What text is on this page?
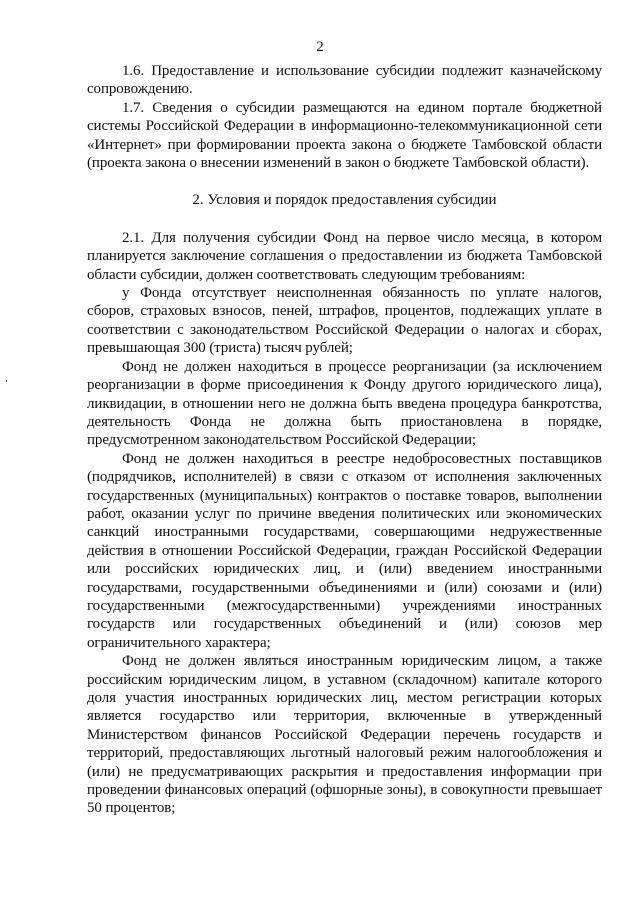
2

1.6. Предоставление и использование субсидии подлежит казначейскому сопровождению.

1.7. Сведения о субсидии размещаются на едином портале бюджетной системы Российской Федерации в информационно-телекоммуникационной сети «Интернет» при формировании проекта закона о бюджете Тамбовской области (проекта закона о внесении изменений в закон о бюджете Тамбовской области).

2. Условия и порядок предоставления субсидии

2.1. Для получения субсидии Фонд на первое число месяца, в котором планируется заключение соглашения о предоставлении из бюджета Тамбовской области субсидии, должен соответствовать следующим требованиям:

у Фонда отсутствует неисполненная обязанность по уплате налогов, сборов, страховых взносов, пеней, штрафов, процентов, подлежащих уплате в соответствии с законодательством Российской Федерации о налогах и сборах, превышающая 300 (триста) тысяч рублей;

Фонд не должен находиться в процессе реорганизации (за исключением реорганизации в форме присоединения к Фонду другого юридического лица), ликвидации, в отношении него не должна быть введена процедура банкротства, деятельность Фонда не должна быть приостановлена в порядке, предусмотренном законодательством Российской Федерации;

Фонд не должен находиться в реестре недобросовестных поставщиков (подрядчиков, исполнителей) в связи с отказом от исполнения заключенных государственных (муниципальных) контрактов о поставке товаров, выполнении работ, оказании услуг по причине введения политических или экономических санкций иностранными государствами, совершающими недружественные действия в отношении Российской Федерации, граждан Российской Федерации или российских юридических лиц, и (или) введением иностранными государствами, государственными объединениями и (или) союзами и (или) государственными (межгосударственными) учреждениями иностранных государств или государственных объединений и (или) союзов мер ограничительного характера;

Фонд не должен являться иностранным юридическим лицом, а также российским юридическим лицом, в уставном (складочном) капитале которого доля участия иностранных юридических лиц, местом регистрации которых является государство или территория, включенные в утвержденный Министерством финансов Российской Федерации перечень государств и территорий, предоставляющих льготный налоговый режим налогообложения и (или) не предусматривающих раскрытия и предоставления информации при проведении финансовых операций (офшорные зоны), в совокупности превышает 50 процентов;
